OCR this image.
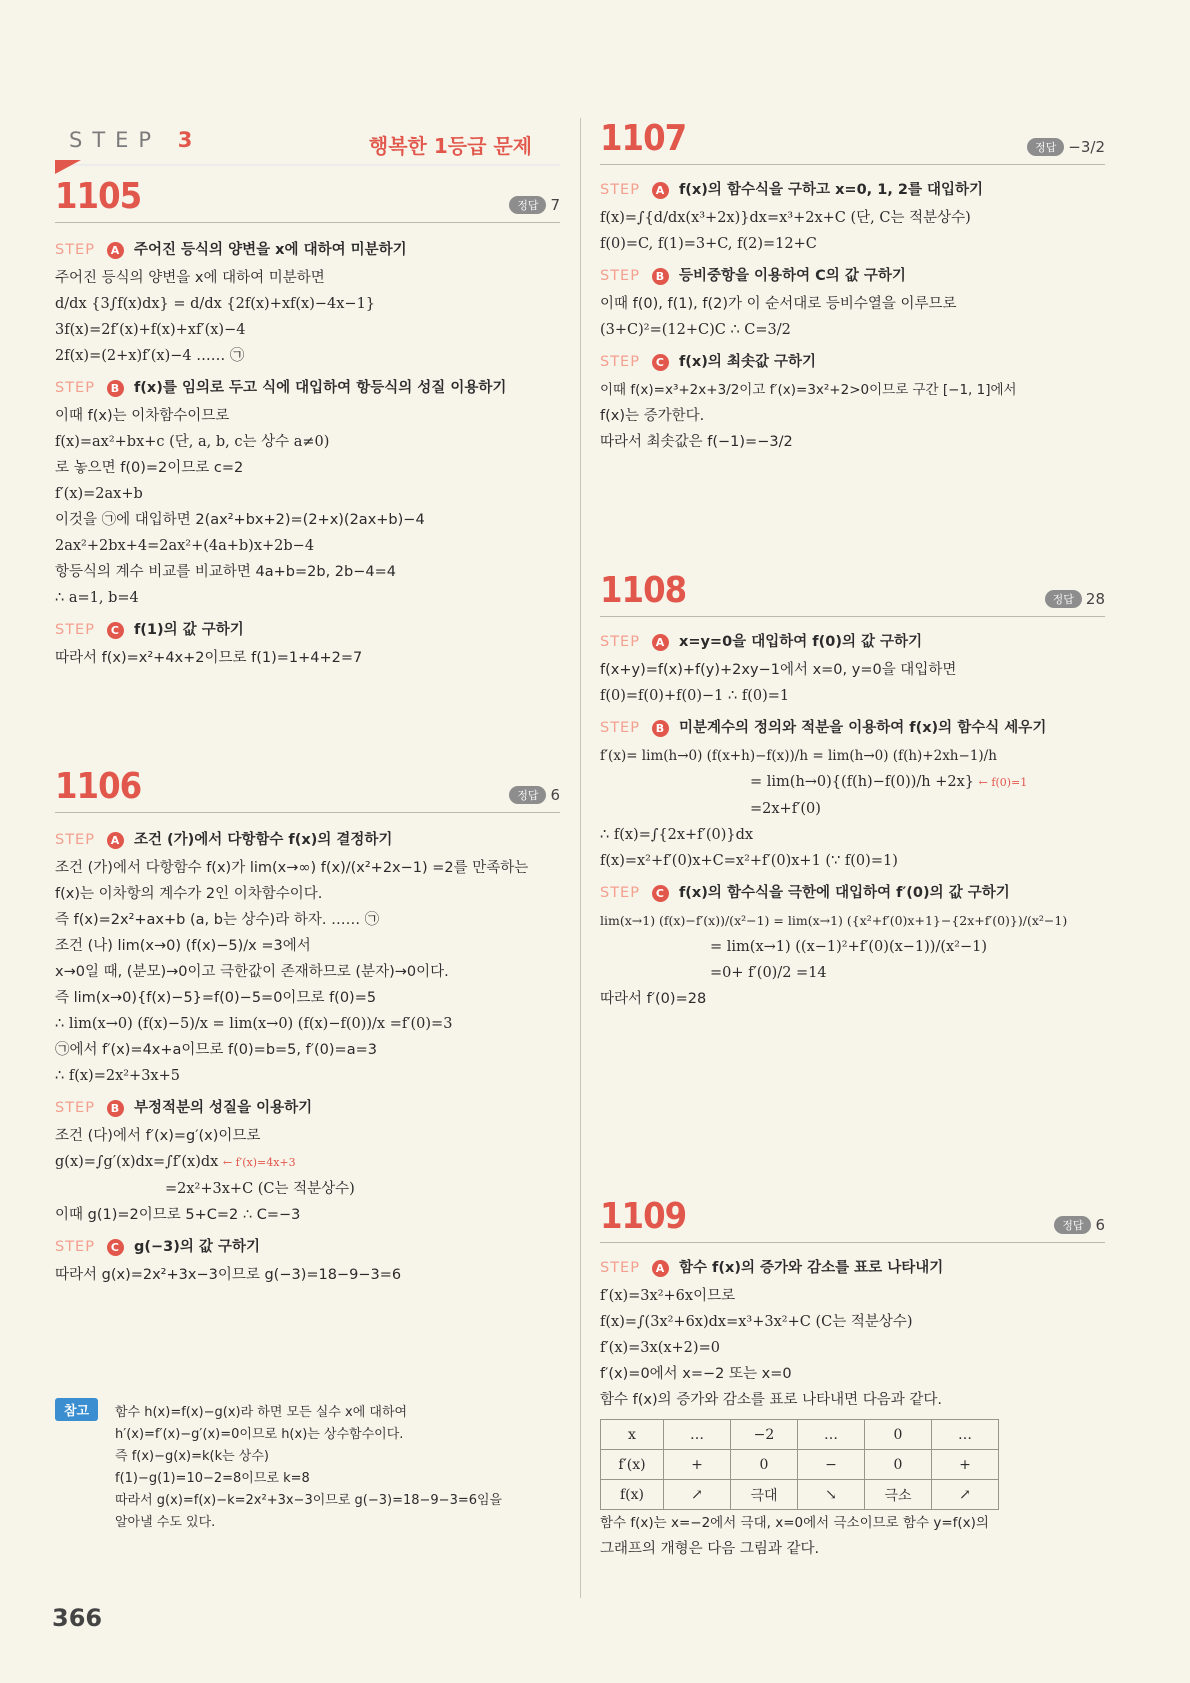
STEP 3	행복한 1등급 문제
1105	정답 7
STEP A 주어진 등식의 양변을 x에 대하여 미분하기
주어진 등식의 양변을 x에 대하여 미분하면
d/dx {3∫f(x)dx} = d/dx {2f(x)+xf(x)−4x−1}
3f(x)=2f′(x)+f(x)+xf′(x)−4
2f(x)=(2+x)f′(x)−4 …… ㉠
STEP B f(x)를 임의로 두고 식에 대입하여 항등식의 성질 이용하기
이때 f(x)는 이차함수이므로
f(x)=ax²+bx+c (단, a, b, c는 상수 a≠0)
로 놓으면 f(0)=2이므로 c=2
f′(x)=2ax+b
이것을 ㉠에 대입하면 2(ax²+bx+2)=(2+x)(2ax+b)−4
2ax²+2bx+4=2ax²+(4a+b)x+2b−4
항등식의 계수 비교를 비교하면 4a+b=2b, 2b−4=4
∴ a=1, b=4
STEP C f(1)의 값 구하기
따라서 f(x)=x²+4x+2이므로 f(1)=1+4+2=7
1106	정답 6
STEP A 조건 (가)에서 다항함수 f(x)의 결정하기
조건 (가)에서 다항함수 f(x)가 lim(x→∞) f(x)/(x²+2x−1) =2를 만족하는
f(x)는 이차항의 계수가 2인 이차함수이다.
즉 f(x)=2x²+ax+b (a, b는 상수)라 하자. …… ㉠
조건 (나) lim(x→0) (f(x)−5)/x =3에서
x→0일 때, (분모)→0이고 극한값이 존재하므로 (분자)→0이다.
즉 lim(x→0){f(x)−5}=f(0)−5=0이므로 f(0)=5
∴ lim(x→0) (f(x)−5)/x = lim(x→0) (f(x)−f(0))/x =f′(0)=3
㉠에서 f′(x)=4x+a이므로 f(0)=b=5, f′(0)=a=3
∴ f(x)=2x²+3x+5
STEP B 부정적분의 성질을 이용하기
조건 (다)에서 f′(x)=g′(x)이므로
g(x)=∫g′(x)dx=∫f′(x)dx ← f′(x)=4x+3
=2x²+3x+C (C는 적분상수)
이때 g(1)=2이므로 5+C=2 ∴ C=−3
STEP C g(−3)의 값 구하기
따라서 g(x)=2x²+3x−3이므로 g(−3)=18−9−3=6
참고	함수 h(x)=f(x)−g(x)라 하면 모든 실수 x에 대하여
h′(x)=f′(x)−g′(x)=0이므로 h(x)는 상수함수이다.
즉 f(x)−g(x)=k(k는 상수)
f(1)−g(1)=10−2=8이므로 k=8
따라서 g(x)=f(x)−k=2x²+3x−3이므로 g(−3)=18−9−3=6임을
알아낼 수도 있다.
366
1107	정답 −3/2
STEP A f(x)의 함수식을 구하고 x=0, 1, 2를 대입하기
f(x)=∫{d/dx(x³+2x)}dx=x³+2x+C (단, C는 적분상수)
f(0)=C, f(1)=3+C, f(2)=12+C
STEP B 등비중항을 이용하여 C의 값 구하기
이때 f(0), f(1), f(2)가 이 순서대로 등비수열을 이루므로
(3+C)²=(12+C)C ∴ C=3/2
STEP C f(x)의 최솟값 구하기
이때 f(x)=x³+2x+3/2이고 f′(x)=3x²+2>0이므로 구간 [−1, 1]에서
f(x)는 증가한다.
따라서 최솟값은 f(−1)=−3/2
1108	정답 28
STEP A x=y=0을 대입하여 f(0)의 값 구하기
f(x+y)=f(x)+f(y)+2xy−1에서 x=0, y=0을 대입하면
f(0)=f(0)+f(0)−1 ∴ f(0)=1
STEP B 미분계수의 정의와 적분을 이용하여 f(x)의 함수식 세우기
f′(x)= lim(h→0) (f(x+h)−f(x))/h = lim(h→0) (f(h)+2xh−1)/h
= lim(h→0){(f(h)−f(0))/h +2x} ← f(0)=1
=2x+f′(0)
∴ f(x)=∫{2x+f′(0)}dx
f(x)=x²+f′(0)x+C=x²+f′(0)x+1 (∵ f(0)=1)
STEP C f(x)의 함수식을 극한에 대입하여 f′(0)의 값 구하기
lim(x→1) (f(x)−f′(x))/(x²−1) = lim(x→1) ({x²+f′(0)x+1}−{2x+f′(0)})/(x²−1)
= lim(x→1) ((x−1)²+f′(0)(x−1))/(x²−1)
=0+ f′(0)/2 =14
따라서 f′(0)=28
1109	정답 6
STEP A 함수 f(x)의 증가와 감소를 표로 나타내기
f′(x)=3x²+6x이므로
f(x)=∫(3x²+6x)dx=x³+3x²+C (C는 적분상수)
f′(x)=3x(x+2)=0
f′(x)=0에서 x=−2 또는 x=0
함수 f(x)의 증가와 감소를 표로 나타내면 다음과 같다.
x	…	−2	…	0	…
f′(x)	+	0	−	0	+
f(x)	↗	극대	↘	극소	↗
함수 f(x)는 x=−2에서 극대, x=0에서 극소이므로 함수 y=f(x)의
그래프의 개형은 다음 그림과 같다.
